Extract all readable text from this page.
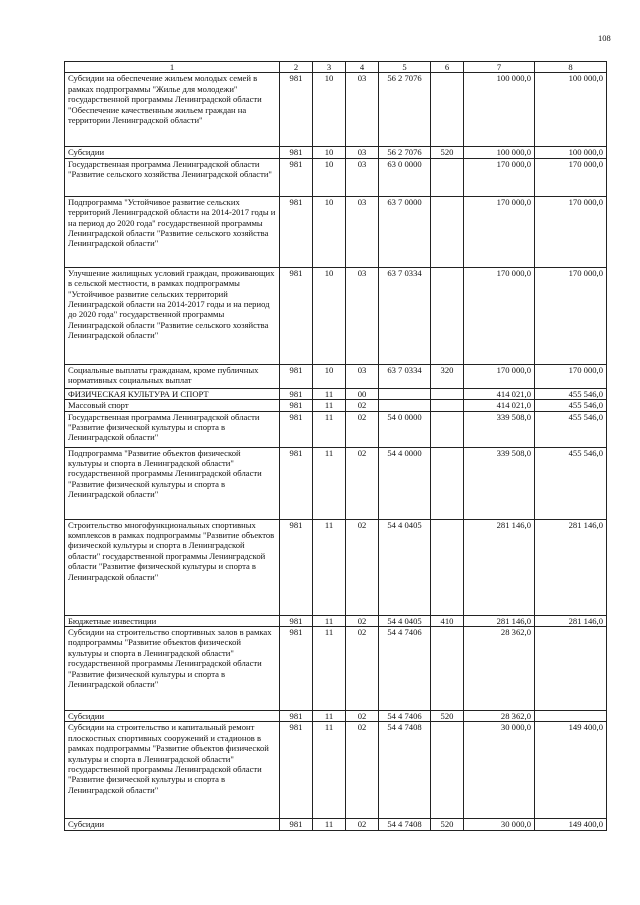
108
1	2	3	4	5	6	7	8
Субсидии на обеспечение жильем молодых семей в рамках подпрограммы "Жилье для молодежи" государственной программы Ленинградской области "Обеспечение качественным жильем граждан на территории Ленинградской области"	981	10	03	56 2 7076		100 000,0	100 000,0
Субсидии	981	10	03	56 2 7076	520	100 000,0	100 000,0
Государственная программа Ленинградской области "Развитие сельского хозяйства Ленинградской области"	981	10	03	63 0 0000		170 000,0	170 000,0
Подпрограмма "Устойчивое развитие сельских территорий Ленинградской области на 2014-2017 годы и на период до 2020 года" государственной программы Ленинградской области "Развитие сельского хозяйства Ленинградской области"	981	10	03	63 7 0000		170 000,0	170 000,0
Улучшение жилищных условий граждан, проживающих в сельской местности, в рамках подпрограммы "Устойчивое развитие сельских территорий Ленинградской области на 2014-2017 годы и на период до 2020 года" государственной программы Ленинградской области "Развитие сельского хозяйства Ленинградской области"	981	10	03	63 7 0334		170 000,0	170 000,0
Социальные выплаты гражданам, кроме публичных нормативных социальных выплат	981	10	03	63 7 0334	320	170 000,0	170 000,0
ФИЗИЧЕСКАЯ КУЛЬТУРА И СПОРТ	981	11	00			414 021,0	455 546,0
Массовый спорт	981	11	02			414 021,0	455 546,0
Государственная программа Ленинградской области "Развитие физической культуры и спорта в Ленинградской области"	981	11	02	54 0 0000		339 508,0	455 546,0
Подпрограмма "Развитие объектов физической культуры и спорта в Ленинградской области" государственной программы Ленинградской области "Развитие физической культуры и спорта в Ленинградской области"	981	11	02	54 4 0000		339 508,0	455 546,0
Строительство многофункциональных спортивных комплексов в рамках подпрограммы "Развитие объектов физической культуры и спорта в Ленинградской области" государственной программы Ленинградской области "Развитие физической культуры и спорта в Ленинградской области"	981	11	02	54 4 0405		281 146,0	281 146,0
Бюджетные инвестиции	981	11	02	54 4 0405	410	281 146,0	281 146,0
Субсидии на строительство спортивных залов в рамках подпрограммы "Развитие объектов физической культуры и спорта в Ленинградской области" государственной программы Ленинградской области "Развитие физической культуры и спорта в Ленинградской области"	981	11	02	54 4 7406		28 362,0	
Субсидии	981	11	02	54 4 7406	520	28 362,0	
Субсидии на строительство и капитальный ремонт плоскостных спортивных сооружений и стадионов в рамках подпрограммы "Развитие объектов физической культуры и спорта в Ленинградской области" государственной программы Ленинградской области "Развитие физической культуры и спорта в Ленинградской области"	981	11	02	54 4 7408		30 000,0	149 400,0
Субсидии	981	11	02	54 4 7408	520	30 000,0	149 400,0
